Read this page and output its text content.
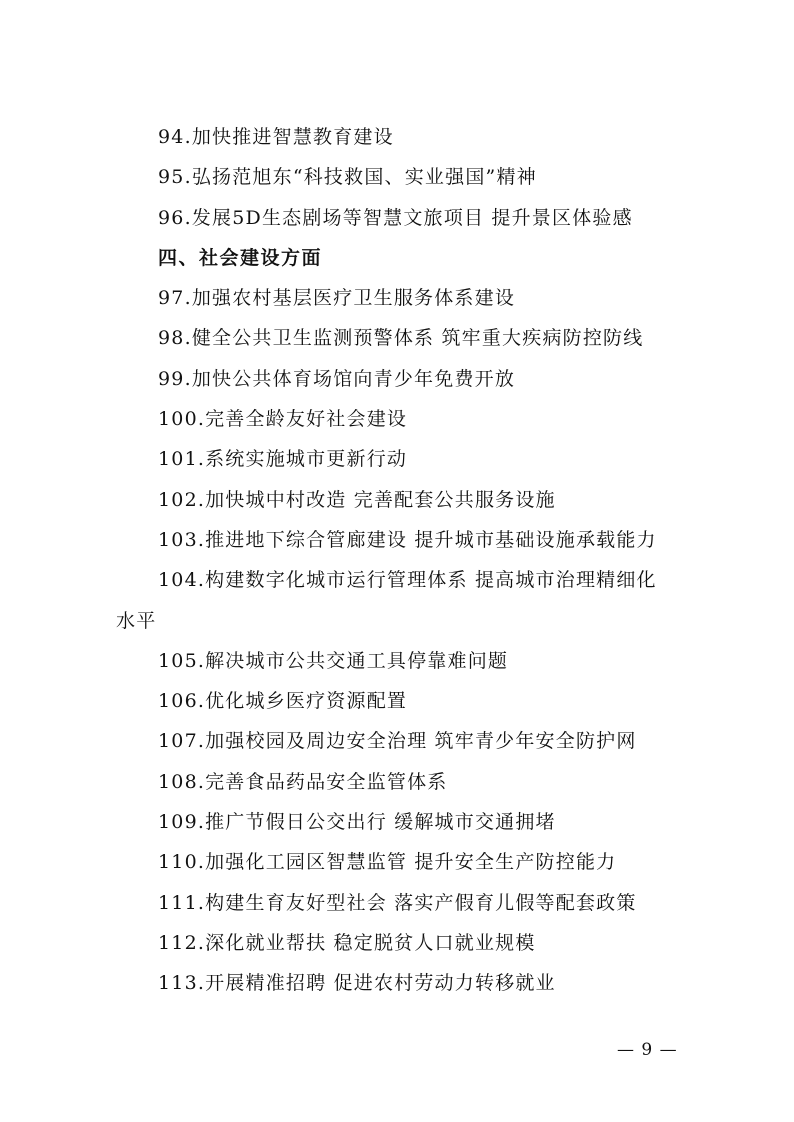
94.加快推进智慧教育建设
95.弘扬范旭东“科技救国、实业强国”精神
96.发展5D生态剧场等智慧文旅项目 提升景区体验感
四、社会建设方面
97.加强农村基层医疗卫生服务体系建设
98.健全公共卫生监测预警体系 筑牢重大疾病防控防线
99.加快公共体育场馆向青少年免费开放
100.完善全龄友好社会建设
101.系统实施城市更新行动
102.加快城中村改造 完善配套公共服务设施
103.推进地下综合管廊建设 提升城市基础设施承载能力
104.构建数字化城市运行管理体系 提高城市治理精细化
水平
105.解决城市公共交通工具停靠难问题
106.优化城乡医疗资源配置
107.加强校园及周边安全治理 筑牢青少年安全防护网
108.完善食品药品安全监管体系
109.推广节假日公交出行 缓解城市交通拥堵
110.加强化工园区智慧监管 提升安全生产防控能力
111.构建生育友好型社会 落实产假育儿假等配套政策
112.深化就业帮扶 稳定脱贫人口就业规模
113.开展精准招聘 促进农村劳动力转移就业
— 9 —
